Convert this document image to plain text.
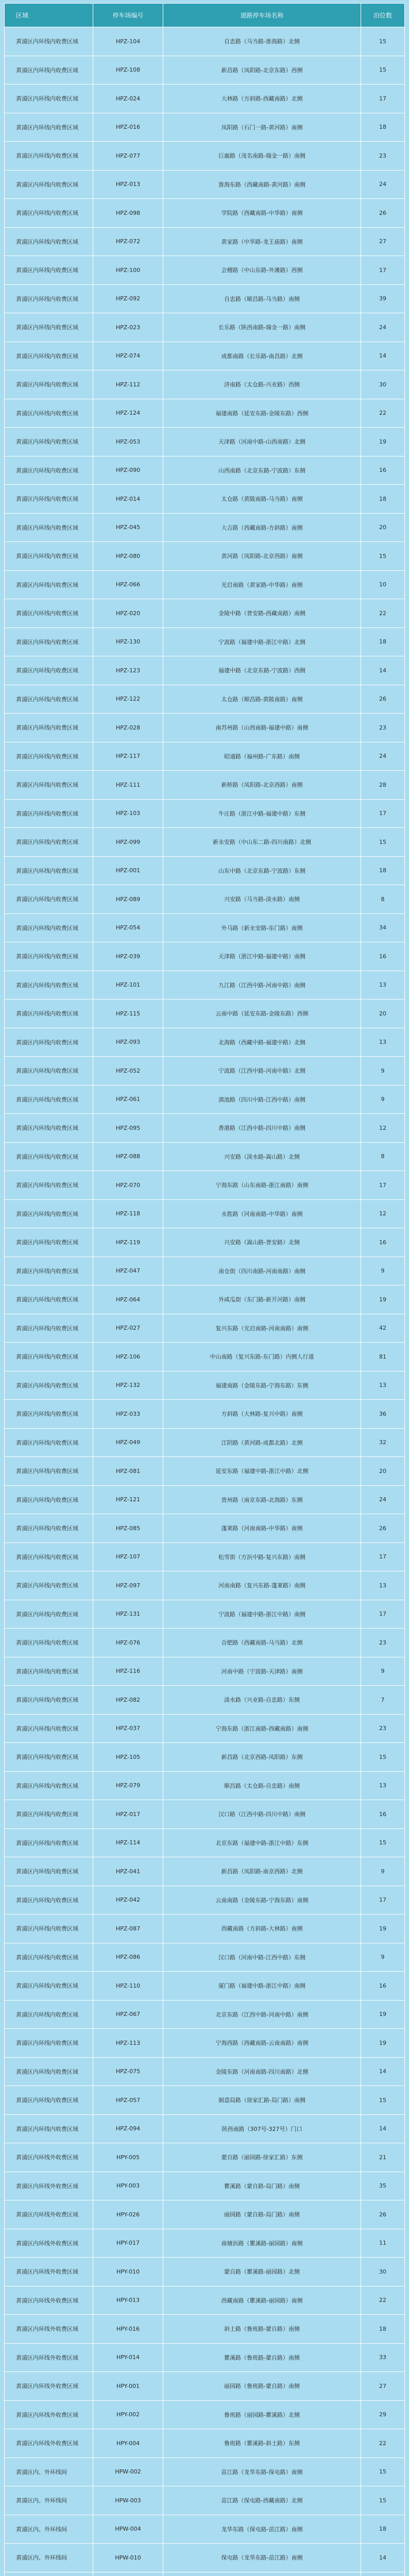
区域	停车场编号	道路停车场名称	泊位数
黄浦区内环线内收费区域	HPZ-104	自忠路（马当路-淮海路）北侧	15
黄浦区内环线内收费区域	HPZ-108	新昌路（凤阳路-北京东路）西侧	15
黄浦区内环线内收费区域	HPZ-024	大林路（方斜路-西藏南路）北侧	17
黄浦区内环线内收费区域	HPZ-016	凤阳路（石门一路-黄河路）南侧	18
黄浦区内环线内收费区域	HPZ-077	巨鹿路（茂名南路-瑞金一路）南侧	23
黄浦区内环线内收费区域	HPZ-013	淮海东路（西藏南路-黄河路）南侧	24
黄浦区内环线内收费区域	HPZ-098	学院路（西藏南路-中华路）南侧	26
黄浦区内环线内收费区域	HPZ-072	黄家路（中华路-龙王庙路）南侧	27
黄浦区内环线内收费区域	HPZ-100	会稽路（中山东路-外滩路）西侧	17
黄浦区内环线内收费区域	HPZ-092	自忠路（顺昌路-马当路）南侧	39
黄浦区内环线内收费区域	HPZ-023	长乐路（陕西南路-瑞金一路）南侧	24
黄浦区内环线内收费区域	HPZ-074	成都南路（长乐路-南昌路）北侧	14
黄浦区内环线内收费区域	HPZ-112	济南路（太仓路-兴业路）西侧	30
黄浦区内环线内收费区域	HPZ-124	福建南路（延安东路-金陵东路）西侧	22
黄浦区内环线内收费区域	HPZ-053	天津路（河南中路-山西南路）北侧	19
黄浦区内环线内收费区域	HPZ-090	山西南路（北京东路-宁波路）东侧	16
黄浦区内环线内收费区域	HPZ-014	太仓路（黄陂南路-马当路）南侧	18
黄浦区内环线内收费区域	HPZ-045	大吉路（西藏南路-方斜路）南侧	20
黄浦区内环线内收费区域	HPZ-080	黄河路（凤阳路-北京西路）南侧	15
黄浦区内环线内收费区域	HPZ-066	光启南路（黄家路-中华路）南侧	10
黄浦区内环线内收费区域	HPZ-020	金陵中路（普安路-西藏南路）南侧	22
黄浦区内环线内收费区域	HPZ-130	宁波路（福建中路-浙江中路）北侧	18
黄浦区内环线内收费区域	HPZ-123	福建中路（北京东路-宁波路）西侧	14
黄浦区内环线内收费区域	HPZ-122	太仓路（顺昌路-黄陂南路）南侧	26
黄浦区内环线内收费区域	HPZ-028	南苏州路（山西南路-福建中路）南侧	23
黄浦区内环线内收费区域	HPZ-117	昭通路（福州路-广东路）南侧	24
黄浦区内环线内收费区域	HPZ-111	新桥路（凤阳路-北京西路）南侧	28
黄浦区内环线内收费区域	HPZ-103	牛庄路（浙江中路-福建中路）东侧	17
黄浦区内环线内收费区域	HPZ-099	新永安路（中山东二路-四川南路）北侧	15
黄浦区内环线内收费区域	HPZ-001	山东中路（北京东路-宁波路）东侧	18
黄浦区内环线内收费区域	HPZ-089	兴安路（马当路-淡水路）南侧	8
黄浦区内环线内收费区域	HPZ-054	外马路（新永安路-东门路）南侧	34
黄浦区内环线内收费区域	HPZ-039	天津路（浙江中路-福建中路）南侧	16
黄浦区内环线内收费区域	HPZ-101	九江路（江西中路-河南中路）南侧	13
黄浦区内环线内收费区域	HPZ-115	云南中路（延安东路-金陵东路）西侧	20
黄浦区内环线内收费区域	HPZ-093	北海路（西藏中路-福建中路）北侧	13
黄浦区内环线内收费区域	HPZ-052	宁波路（江西中路-河南中路）北侧	9
黄浦区内环线内收费区域	HPZ-061	滇池路（四川中路-江西中路）南侧	9
黄浦区内环线内收费区域	HPZ-095	香港路（江西中路-四川中路）南侧	12
黄浦区内环线内收费区域	HPZ-088	兴安路（淡水路-嵩山路）北侧	8
黄浦区内环线内收费区域	HPZ-070	宁海东路（山东南路-浙江南路）南侧	17
黄浦区内环线内收费区域	HPZ-118	永胜路（河南南路-中华路）南侧	12
黄浦区内环线内收费区域	HPZ-119	兴安路（嵩山路-普安路）北侧	16
黄浦区内环线内收费区域	HPZ-047	南仓街（四川南路-河南南路）南侧	9
黄浦区内环线内收费区域	HPZ-064	外咸瓜街（东门路-新开河路）南侧	19
黄浦区内环线内收费区域	HPZ-027	复兴东路（光启南路-河南南路）南侧	42
黄浦区内环线内收费区域	HPZ-106	中山南路（复兴东路-东门路）内侧人行道	81
黄浦区内环线内收费区域	HPZ-132	福建南路（金陵东路-宁海东路）东侧	13
黄浦区内环线内收费区域	HPZ-033	方斜路（大林路-复兴中路）南侧	36
黄浦区内环线内收费区域	HPZ-049	江阴路（黄河路-成都北路）北侧	32
黄浦区内环线内收费区域	HPZ-081	延安东路（福建中路-浙江中路）北侧	20
黄浦区内环线内收费区域	HPZ-121	贵州路（南京东路-北海路）东侧	24
黄浦区内环线内收费区域	HPZ-085	蓬莱路（河南南路-中华路）南侧	26
黄浦区内环线内收费区域	HPZ-107	松雪街（方浜中路-复兴东路）南侧	17
黄浦区内环线内收费区域	HPZ-097	河南南路（复兴东路-蓬莱路）南侧	13
黄浦区内环线内收费区域	HPZ-131	宁波路（福建中路-浙江中路）南侧	17
黄浦区内环线内收费区域	HPZ-076	合肥路（西藏南路-马当路）北侧	23
黄浦区内环线内收费区域	HPZ-116	河南中路（宁波路-天津路）南侧	9
黄浦区内环线内收费区域	HPZ-082	淡水路（兴业路-自忠路）东侧	7
黄浦区内环线内收费区域	HPZ-037	宁海东路（浙江南路-西藏南路）南侧	23
黄浦区内环线内收费区域	HPZ-105	新昌路（北京西路-凤阳路）东侧	15
黄浦区内环线内收费区域	HPZ-079	顺昌路（太仓路-自忠路）南侧	13
黄浦区内环线内收费区域	HPZ-017	汉口路（江西中路-四川中路）南侧	16
黄浦区内环线内收费区域	HPZ-114	北京东路（福建中路-浙江中路）东侧	15
黄浦区内环线内收费区域	HPZ-041	新昌路（凤阳路-南京西路）北侧	9
黄浦区内环线内收费区域	HPZ-042	云南南路（金陵东路-宁海东路）南侧	17
黄浦区内环线内收费区域	HPZ-087	西藏南路（方斜路-大林路）南侧	19
黄浦区内环线内收费区域	HPZ-086	汉口路（河南中路-江西中路）东侧	9
黄浦区内环线内收费区域	HPZ-110	厦门路（福建中路-浙江中路）南侧	16
黄浦区内环线内收费区域	HPZ-067	北京东路（江西中路-河南中路）南侧	19
黄浦区内环线内收费区域	HPZ-113	宁海西路（西藏南路-云南南路）南侧	19
黄浦区内环线内收费区域	HPZ-075	金陵东路（河南南路-四川南路）北侧	14
黄浦区内环线内收费区域	HPZ-057	制造局路（徐家汇路-局门路）南侧	15
黄浦区内环线内收费区域	HPZ-094	陕西南路（307号-327号）门口	14
黄浦区内环线外收费区域	HPY-005	蒙自路（丽园路-徐家汇路）东侧	21
黄浦区内环线外收费区域	HPY-003	瞿溪路（蒙自路-局门路）南侧	35
黄浦区内环线外收费区域	HPY-026	丽园路（蒙自路-局门路）南侧	26
黄浦区内环线外收费区域	HPY-017	南塘浜路（瞿溪路-丽园路）南侧	11
黄浦区内环线外收费区域	HPY-010	蒙自路（瞿溪路-丽园路）北侧	30
黄浦区内环线外收费区域	HPY-013	西藏南路（瞿溪路-丽园路）南侧	22
黄浦区内环线外收费区域	HPY-016	斜土路（鲁班路-蒙自路）南侧	18
黄浦区内环线外收费区域	HPY-014	瞿溪路（鲁班路-蒙自路）南侧	33
黄浦区内环线外收费区域	HPY-001	丽园路（鲁班路-蒙自路）南侧	27
黄浦区内环线外收费区域	HPY-002	鲁班路（丽园路-瞿溪路）北侧	29
黄浦区内环线外收费区域	HPY-004	鲁班路（瞿溪路-斜土路）东侧	22
黄浦区内、外环线间	HPW-002	苗江路（龙华东路-保屯路）南侧	15
黄浦区内、外环线间	HPW-003	苗江路（保屯路-西藏南路）北侧	15
黄浦区内、外环线间	HPW-004	龙华东路（保屯路-苗江路）南侧	18
黄浦区内、外环线间	HPW-010	保屯路（龙华东路-苗江路）南侧	14
